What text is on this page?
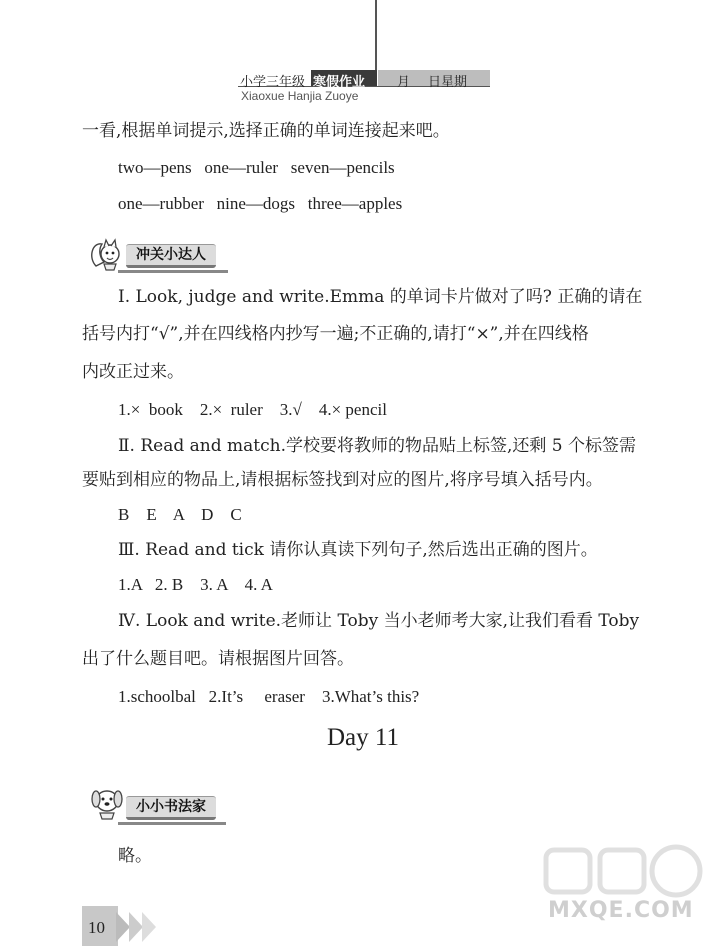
小学三年级 寒假作业 月 日星期
Xiaoxue Hanjia Zuoye
一看,根据单词提示,选择正确的单词连接起来吧。
two—pens   one—ruler   seven—pencils
one—rubber   nine—dogs   three—apples
冲关小达人
Ⅰ. Look, judge and write.Emma 的单词卡片做对了吗? 正确的请在
括号内打“√”,并在四线格内抄写一遍;不正确的,请打“×”,并在四线格
内改正过来。
1.×  book    2.×  ruler    3.√    4.× pencil
Ⅱ. Read and match.学校要将教师的物品贴上标签,还剩 5 个标签需
要贴到相应的物品上,请根据标签找到对应的图片,将序号填入括号内。
B    E    A    D    C
Ⅲ. Read and tick 请你认真读下列句子,然后选出正确的图片。
1.A   2. B    3. A    4. A
Ⅳ. Look and write.老师让 Toby 当小老师考大家,让我们看看 Toby
出了什么题目吧。请根据图片回答。
1.schoolbal   2.It’s     eraser    3.What’s this?
Day 11
小小书法家
略。
10
MXQE.COM
